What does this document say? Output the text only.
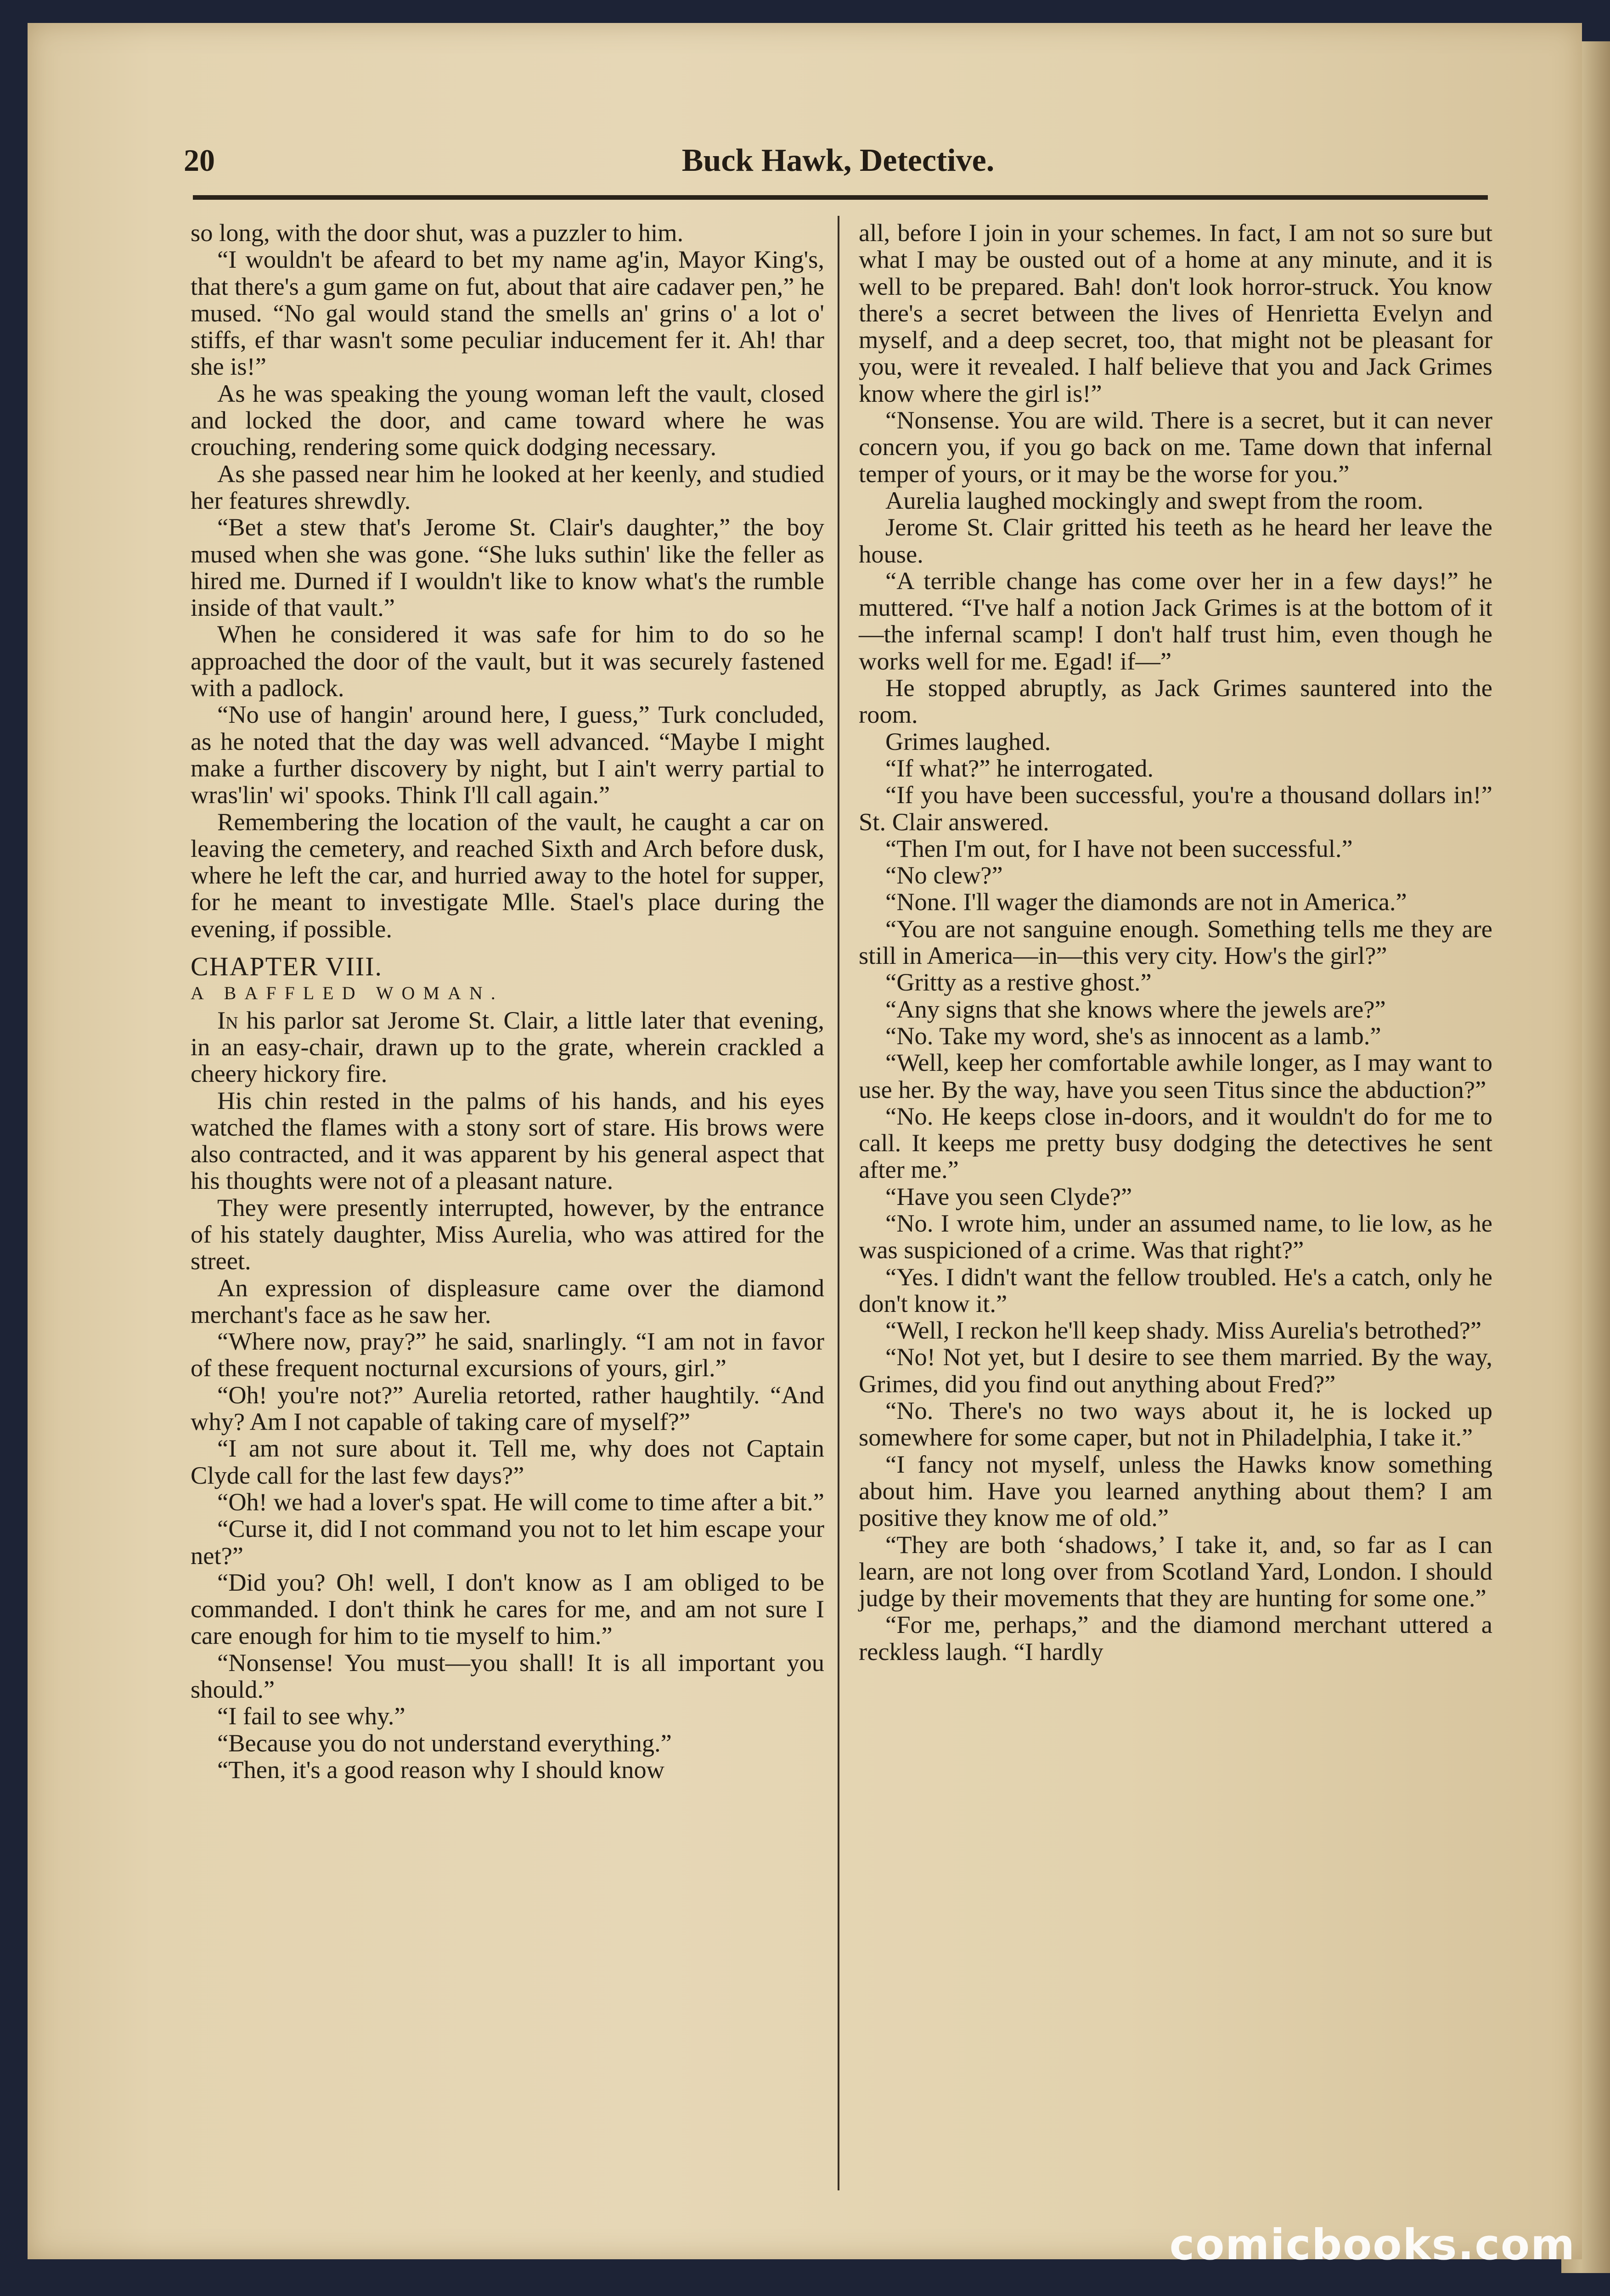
20	Buck Hawk, Detective.

so long, with the door shut, was a puzzler to him.

“I wouldn't be afeard to bet my name ag'in, Mayor King's, that there's a gum game on fut, about that aire cadaver pen,” he mused. “No gal would stand the smells an' grins o' a lot o' stiffs, ef thar wasn't some peculiar inducement fer it. Ah! thar she is!”

As he was speaking the young woman left the vault, closed and locked the door, and came toward where he was crouching, rendering some quick dodging necessary.

As she passed near him he looked at her keenly, and studied her features shrewdly.

“Bet a stew that's Jerome St. Clair's daughter,” the boy mused when she was gone. “She luks suthin' like the feller as hired me. Durned if I wouldn't like to know what's the rumble inside of that vault.”

When he considered it was safe for him to do so he approached the door of the vault, but it was securely fastened with a padlock.

“No use of hangin' around here, I guess,” Turk concluded, as he noted that the day was well advanced. “Maybe I might make a further discovery by night, but I ain't werry partial to wras'lin' wi' spooks. Think I'll call again.”

Remembering the location of the vault, he caught a car on leaving the cemetery, and reached Sixth and Arch before dusk, where he left the car, and hurried away to the hotel for supper, for he meant to investigate Mlle. Stael's place during the evening, if possible.

CHAPTER VIII.

A BAFFLED WOMAN.

In his parlor sat Jerome St. Clair, a little later that evening, in an easy-chair, drawn up to the grate, wherein crackled a cheery hickory fire.

His chin rested in the palms of his hands, and his eyes watched the flames with a stony sort of stare. His brows were also contracted, and it was apparent by his general aspect that his thoughts were not of a pleasant nature.

They were presently interrupted, however, by the entrance of his stately daughter, Miss Aurelia, who was attired for the street.

An expression of displeasure came over the diamond merchant's face as he saw her.

“Where now, pray?” he said, snarlingly. “I am not in favor of these frequent nocturnal excursions of yours, girl.”

“Oh! you're not?” Aurelia retorted, rather haughtily. “And why? Am I not capable of taking care of myself?”

“I am not sure about it. Tell me, why does not Captain Clyde call for the last few days?”

“Oh! we had a lover's spat. He will come to time after a bit.”

“Curse it, did I not command you not to let him escape your net?”

“Did you? Oh! well, I don't know as I am obliged to be commanded. I don't think he cares for me, and am not sure I care enough for him to tie myself to him.”

“Nonsense! You must—you shall! It is all important you should.”

“I fail to see why.”

“Because you do not understand everything.”

“Then, it's a good reason why I should know

all, before I join in your schemes. In fact, I am not so sure but what I may be ousted out of a home at any minute, and it is well to be prepared. Bah! don't look horror-struck. You know there's a secret between the lives of Henrietta Evelyn and myself, and a deep secret, too, that might not be pleasant for you, were it revealed. I half believe that you and Jack Grimes know where the girl is!”

“Nonsense. You are wild. There is a secret, but it can never concern you, if you go back on me. Tame down that infernal temper of yours, or it may be the worse for you.”

Aurelia laughed mockingly and swept from the room.

Jerome St. Clair gritted his teeth as he heard her leave the house.

“A terrible change has come over her in a few days!” he muttered. “I've half a notion Jack Grimes is at the bottom of it—the infernal scamp! I don't half trust him, even though he works well for me. Egad! if—”

He stopped abruptly, as Jack Grimes sauntered into the room.

Grimes laughed.

“If what?” he interrogated.

“If you have been successful, you're a thousand dollars in!” St. Clair answered.

“Then I'm out, for I have not been successful.”

“No clew?”

“None. I'll wager the diamonds are not in America.”

“You are not sanguine enough. Something tells me they are still in America—in—this very city. How's the girl?”

“Gritty as a restive ghost.”

“Any signs that she knows where the jewels are?”

“No. Take my word, she's as innocent as a lamb.”

“Well, keep her comfortable awhile longer, as I may want to use her. By the way, have you seen Titus since the abduction?”

“No. He keeps close in-doors, and it wouldn't do for me to call. It keeps me pretty busy dodging the detectives he sent after me.”

“Have you seen Clyde?”

“No. I wrote him, under an assumed name, to lie low, as he was suspicioned of a crime. Was that right?”

“Yes. I didn't want the fellow troubled. He's a catch, only he don't know it.”

“Well, I reckon he'll keep shady. Miss Aurelia's betrothed?”

“No! Not yet, but I desire to see them married. By the way, Grimes, did you find out anything about Fred?”

“No. There's no two ways about it, he is locked up somewhere for some caper, but not in Philadelphia, I take it.”

“I fancy not myself, unless the Hawks know something about him. Have you learned anything about them? I am positive they know me of old.”

“They are both ‘shadows,’ I take it, and, so far as I can learn, are not long over from Scotland Yard, London. I should judge by their movements that they are hunting for some one.”

“For me, perhaps,” and the diamond merchant uttered a reckless laugh. “I hardly

comicbooks.com
